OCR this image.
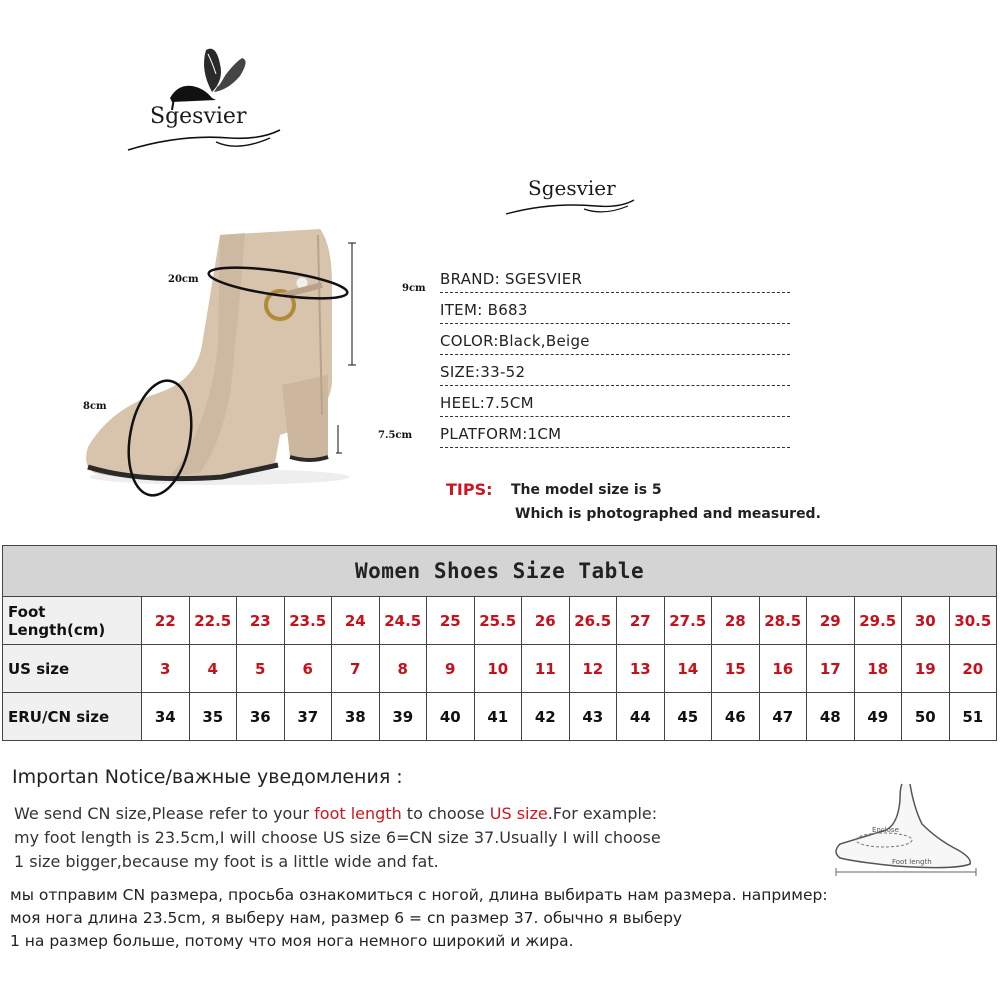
Sgesvier
Sgesvier
20cm
9cm
8cm
7.5cm
BRAND: SGESVIER
ITEM: B683
COLOR:Black,Beige
SIZE:33-52
HEEL:7.5CM
PLATFORM:1CM
TIPS: The model size is 5
Which is photographed and measured.
Women Shoes Size Table																		
Foot Length(cm)	22	22.5	23	23.5	24	24.5	25	25.5	26	26.5	27	27.5	28	28.5	29	29.5	30	30.5
US size	3	4	5	6	7	8	9	10	11	12	13	14	15	16	17	18	19	20
ERU/CN size	34	35	36	37	38	39	40	41	42	43	44	45	46	47	48	49	50	51
Importan Notice/важные уведомления :
We send CN size,Please refer to your foot length to choose US size.For example:
my foot length is 23.5cm,I will choose US size 6=CN size 37.Usually I will choose
1 size bigger,because my foot is a little wide and fat.
мы отправим CN размера, просьба ознакомиться с ногой, длина выбирать нам размера. например:
моя нога длина 23.5cm, я выберу нам, размер 6 = cn размер 37. обычно я выберу
1 на размер больше, потому что моя нога немного широкий и жира.
Enclose
Foot length
